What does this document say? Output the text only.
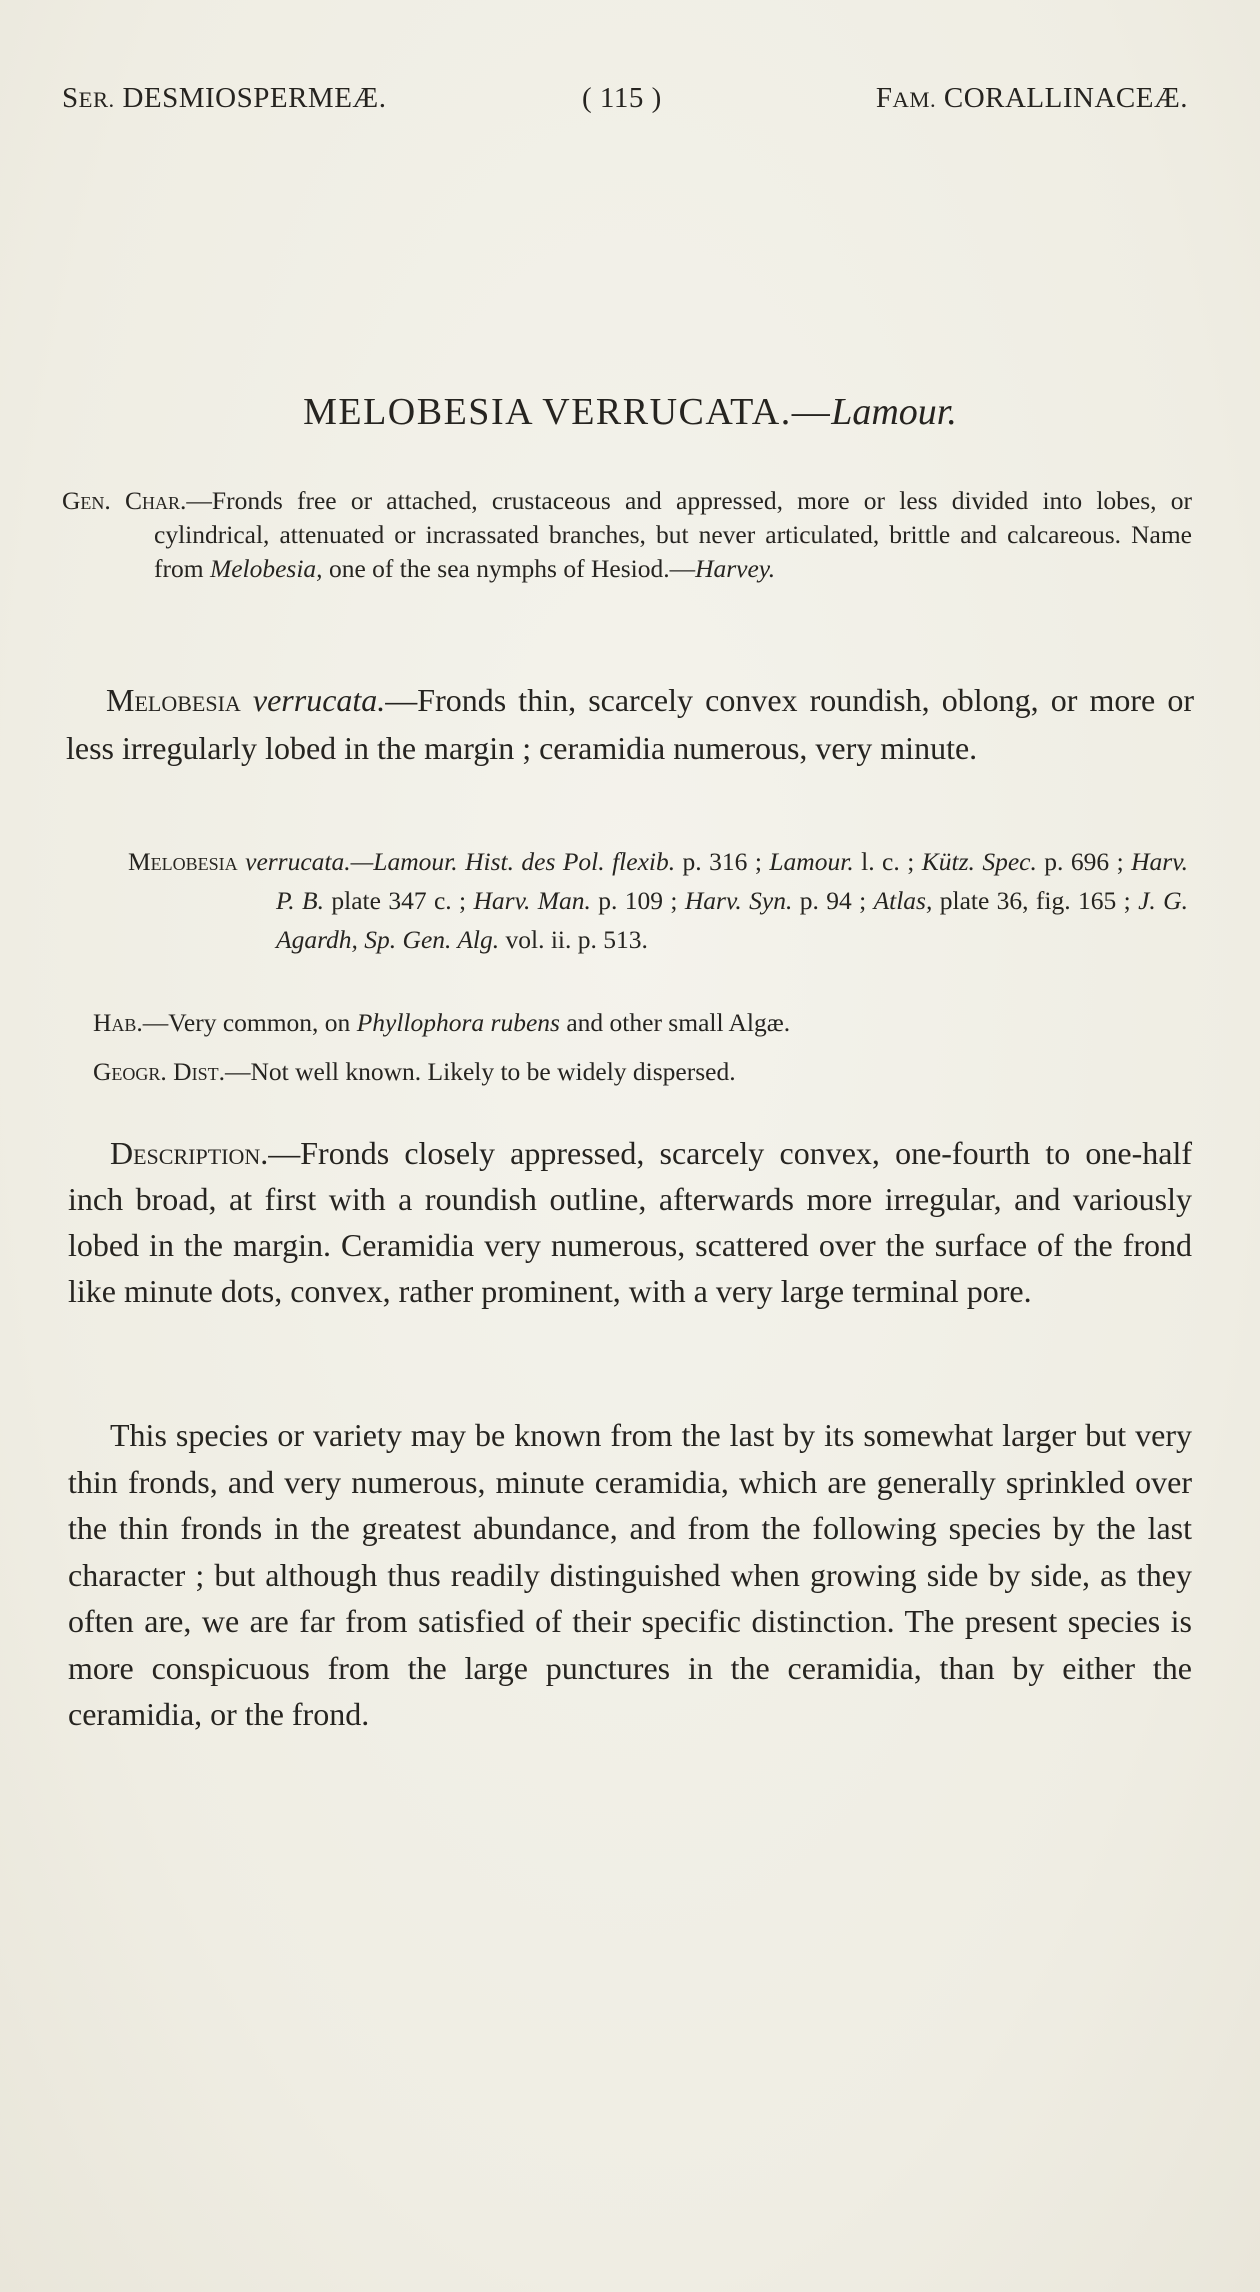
SER. DESMIOSPERMEÆ.	( 115 )	FAM. CORALLINACEÆ.
MELOBESIA VERRUCATA.—Lamour.

Gen. Char.—Fronds free or attached, crustaceous and appressed, more or less divided into lobes, or cylindrical, attenuated or incrassated branches, but never articulated, brittle and calcareous. Name from Melobesia, one of the sea nymphs of Hesiod.—Harvey.

Melobesia verrucata.—Fronds thin, scarcely convex roundish, oblong, or more or less irregularly lobed in the margin ; ceramidia numerous, very minute.

Melobesia verrucata.—Lamour. Hist. des Pol. flexib. p. 316 ; Lamour. l. c. ; Kütz. Spec. p. 696 ; Harv. P. B. plate 347 c. ; Harv. Man. p. 109 ; Harv. Syn. p. 94 ; Atlas, plate 36, fig. 165 ; J. G. Agardh, Sp. Gen. Alg. vol. ii. p. 513.

Hab.—Very common, on Phyllophora rubens and other small Algæ.

Geogr. Dist.—Not well known. Likely to be widely dispersed.

Description.—Fronds closely appressed, scarcely convex, one-fourth to one-half inch broad, at first with a roundish outline, afterwards more irregular, and variously lobed in the margin. Ceramidia very numerous, scattered over the surface of the frond like minute dots, convex, rather prominent, with a very large terminal pore.

This species or variety may be known from the last by its somewhat larger but very thin fronds, and very numerous, minute ceramidia, which are generally sprinkled over the thin fronds in the greatest abundance, and from the following species by the last character ; but although thus readily distinguished when growing side by side, as they often are, we are far from satisfied of their specific distinction. The present species is more conspicuous from the large punctures in the ceramidia, than by either the ceramidia, or the frond.
